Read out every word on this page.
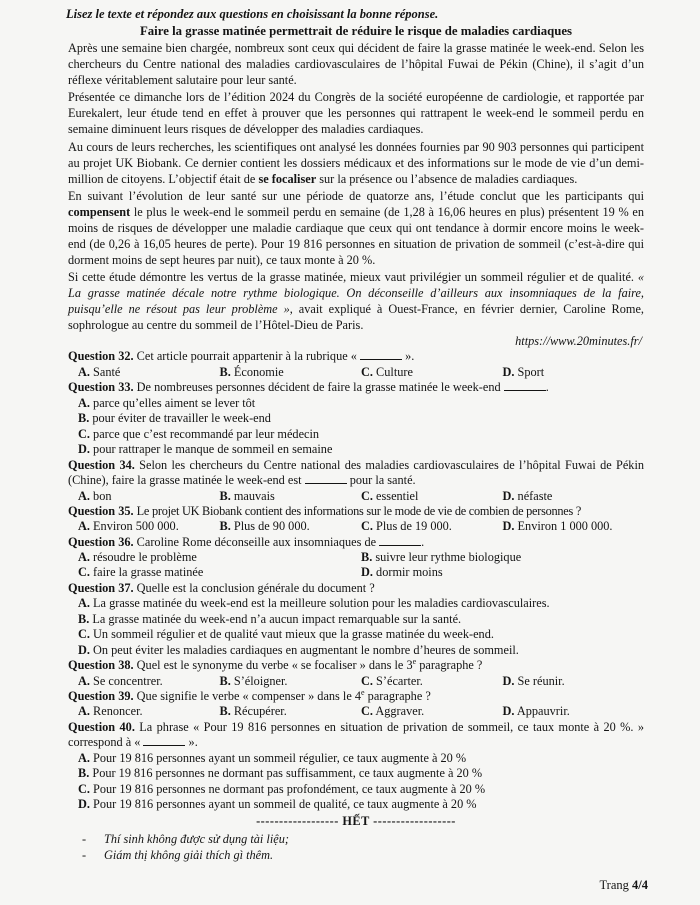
Lisez le texte et répondez aux questions en choisissant la bonne réponse.
Faire la grasse matinée permettrait de réduire le risque de maladies cardiaques

Après une semaine bien chargée, nombreux sont ceux qui décident de faire la grasse matinée le week-end. Selon les chercheurs du Centre national des maladies cardiovasculaires de l’hôpital Fuwai de Pékin (Chine), il s’agit d’un réflexe véritablement salutaire pour leur santé.

Présentée ce dimanche lors de l’édition 2024 du Congrès de la société européenne de cardiologie, et rapportée par Eurekalert, leur étude tend en effet à prouver que les personnes qui rattrapent le week-end le sommeil perdu en semaine diminuent leurs risques de développer des maladies cardiaques.

Au cours de leurs recherches, les scientifiques ont analysé les données fournies par 90 903 personnes qui participent au projet UK Biobank. Ce dernier contient les dossiers médicaux et des informations sur le mode de vie d’un demi-million de citoyens. L’objectif était de se focaliser sur la présence ou l’absence de maladies cardiaques.

En suivant l’évolution de leur santé sur une période de quatorze ans, l’étude conclut que les participants qui compensent le plus le week-end le sommeil perdu en semaine (de 1,28 à 16,06 heures en plus) présentent 19 % en moins de risques de développer une maladie cardiaque que ceux qui ont tendance à dormir encore moins le week-end (de 0,26 à 16,05 heures de perte). Pour 19 816 personnes en situation de privation de sommeil (c’est-à-dire qui dorment moins de sept heures par nuit), ce taux monte à 20 %.

Si cette étude démontre les vertus de la grasse matinée, mieux vaut privilégier un sommeil régulier et de qualité. « La grasse matinée décale notre rythme biologique. On déconseille d’ailleurs aux insomniaques de la faire, puisqu’elle ne résout pas leur problème », avait expliqué à Ouest-France, en février dernier, Caroline Rome, sophrologue au centre du sommeil de l’Hôtel-Dieu de Paris.

https://www.20minutes.fr/
Question 32. Cet article pourrait appartenir à la rubrique «	».
A. Santé	B. Économie	C. Culture	D. Sport
Question 33. De nombreuses personnes décident de faire la grasse matinée le week-end	.
A. parce qu’elles aiment se lever tôt
B. pour éviter de travailler le week-end
C. parce que c’est recommandé par leur médecin
D. pour rattraper le manque de sommeil en semaine
Question 34. Selon les chercheurs du Centre national des maladies cardiovasculaires de l’hôpital Fuwai de Pékin (Chine), faire la grasse matinée le week-end est	pour la santé.
A. bon	B. mauvais	C. essentiel	D. néfaste
Question 35. Le projet UK Biobank contient des informations sur le mode de vie de combien de personnes ?
A. Environ 500 000.	B. Plus de 90 000.	C. Plus de 19 000.	D. Environ 1 000 000.
Question 36. Caroline Rome déconseille aux insomniaques de	.
A. résoudre le problème	B. suivre leur rythme biologique
C. faire la grasse matinée	D. dormir moins
Question 37. Quelle est la conclusion générale du document ?
A. La grasse matinée du week-end est la meilleure solution pour les maladies cardiovasculaires.
B. La grasse matinée du week-end n’a aucun impact remarquable sur la santé.
C. Un sommeil régulier et de qualité vaut mieux que la grasse matinée du week-end.
D. On peut éviter les maladies cardiaques en augmentant le nombre d’heures de sommeil.
Question 38. Quel est le synonyme du verbe « se focaliser » dans le 3e paragraphe ?
A. Se concentrer.	B. S’éloigner.	C. S’écarter.	D. Se réunir.
Question 39. Que signifie le verbe « compenser » dans le 4e paragraphe ?
A. Renoncer.	B. Récupérer.	C. Aggraver.	D. Appauvrir.
Question 40. La phrase « Pour 19 816 personnes en situation de privation de sommeil, ce taux monte à 20 %. » correspond à «	».
A. Pour 19 816 personnes ayant un sommeil régulier, ce taux augmente à 20 %
B. Pour 19 816 personnes ne dormant pas suffisamment, ce taux augmente à 20 %
C. Pour 19 816 personnes ne dormant pas profondément, ce taux augmente à 20 %
D. Pour 19 816 personnes ayant un sommeil de qualité, ce taux augmente à 20 %
------------------ HẾT ------------------
- Thí sinh không được sử dụng tài liệu;
- Giám thị không giải thích gì thêm.
Trang 4/4
